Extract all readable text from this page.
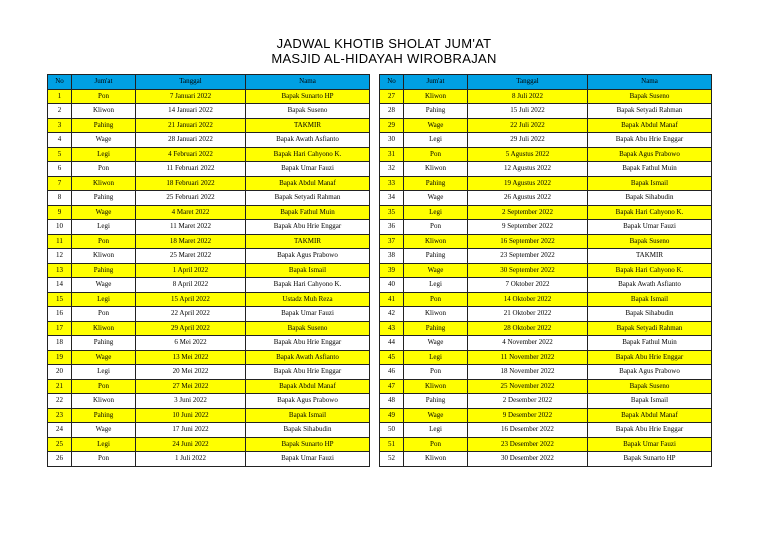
JADWAL KHOTIB SHOLAT JUM'AT
MASJID AL-HIDAYAH WIROBRAJAN
No	Jum'at	Tanggal	Nama
1	Pon	7 Januari 2022	Bapak Sunarto HP
2	Kliwon	14 Januari 2022	Bapak Suseno
3	Pahing	21 Januari 2022	TAKMIR
4	Wage	28 Januari 2022	Bapak Awath Asfianto
5	Legi	4 Februari 2022	Bapak Hari Cahyono K.
6	Pon	11 Februari 2022	Bapak Umar Fauzi
7	Kliwon	18 Februari 2022	Bapak Abdul Manaf
8	Pahing	25 Februari 2022	Bapak Setyadi Rahman
9	Wage	4 Maret 2022	Bapak Fathul Muin
10	Legi	11 Maret 2022	Bapak Abu Hrie Enggar
11	Pon	18 Maret 2022	TAKMIR
12	Kliwon	25 Maret 2022	Bapak Agus Prabowo
13	Pahing	1 April 2022	Bapak Ismail
14	Wage	8 April 2022	Bapak Hari Cahyono K.
15	Legi	15 April 2022	Ustadz Muh Reza
16	Pon	22 April 2022	Bapak Umar Fauzi
17	Kliwon	29 April 2022	Bapak Suseno
18	Pahing	6 Mei 2022	Bapak Abu Hrie Enggar
19	Wage	13 Mei 2022	Bapak Awath Asfianto
20	Legi	20 Mei 2022	Bapak Abu Hrie Enggar
21	Pon	27 Mei 2022	Bapak Abdul Manaf
22	Kliwon	3 Juni 2022	Bapak Agus Prabowo
23	Pahing	10 Juni 2022	Bapak Ismail
24	Wage	17 Juni 2022	Bapak Sihabudin
25	Legi	24 Juni 2022	Bapak Sunarto HP
26	Pon	1 Juli 2022	Bapak Umar Fauzi
No	Jum'at	Tanggal	Nama
27	Kliwon	8 Juli 2022	Bapak Suseno
28	Pahing	15 Juli 2022	Bapak Setyadi Rahman
29	Wage	22 Juli 2022	Bapak Abdul Manaf
30	Legi	29 Juli 2022	Bapak Abu Hrie Enggar
31	Pon	5 Agustus 2022	Bapak Agus Prabowo
32	Kliwon	12 Agustus 2022	Bapak Fathul Muin
33	Pahing	19 Agustus 2022	Bapak Ismail
34	Wage	26 Agustus 2022	Bapak Sihabudin
35	Legi	2 September 2022	Bapak Hari Cahyono K.
36	Pon	9 September 2022	Bapak Umar Fauzi
37	Kliwon	16 September 2022	Bapak Suseno
38	Pahing	23 September 2022	TAKMIR
39	Wage	30 September 2022	Bapak Hari Cahyono K.
40	Legi	7 Oktober 2022	Bapak Awath Asfianto
41	Pon	14 Oktober 2022	Bapak Ismail
42	Kliwon	21 Oktober 2022	Bapak Sihabudin
43	Pahing	28 Oktober 2022	Bapak Setyadi Rahman
44	Wage	4 November 2022	Bapak Fathul Muin
45	Legi	11 November 2022	Bapak Abu Hrie Enggar
46	Pon	18 November 2022	Bapak Agus Prabowo
47	Kliwon	25 November 2022	Bapak Suseno
48	Pahing	2 Desember 2022	Bapak Ismail
49	Wage	9 Desember 2022	Bapak Abdul Manaf
50	Legi	16 Desember 2022	Bapak Abu Hrie Enggar
51	Pon	23 Desember 2022	Bapak Umar Fauzi
52	Kliwon	30 Desember 2022	Bapak Sunarto HP
